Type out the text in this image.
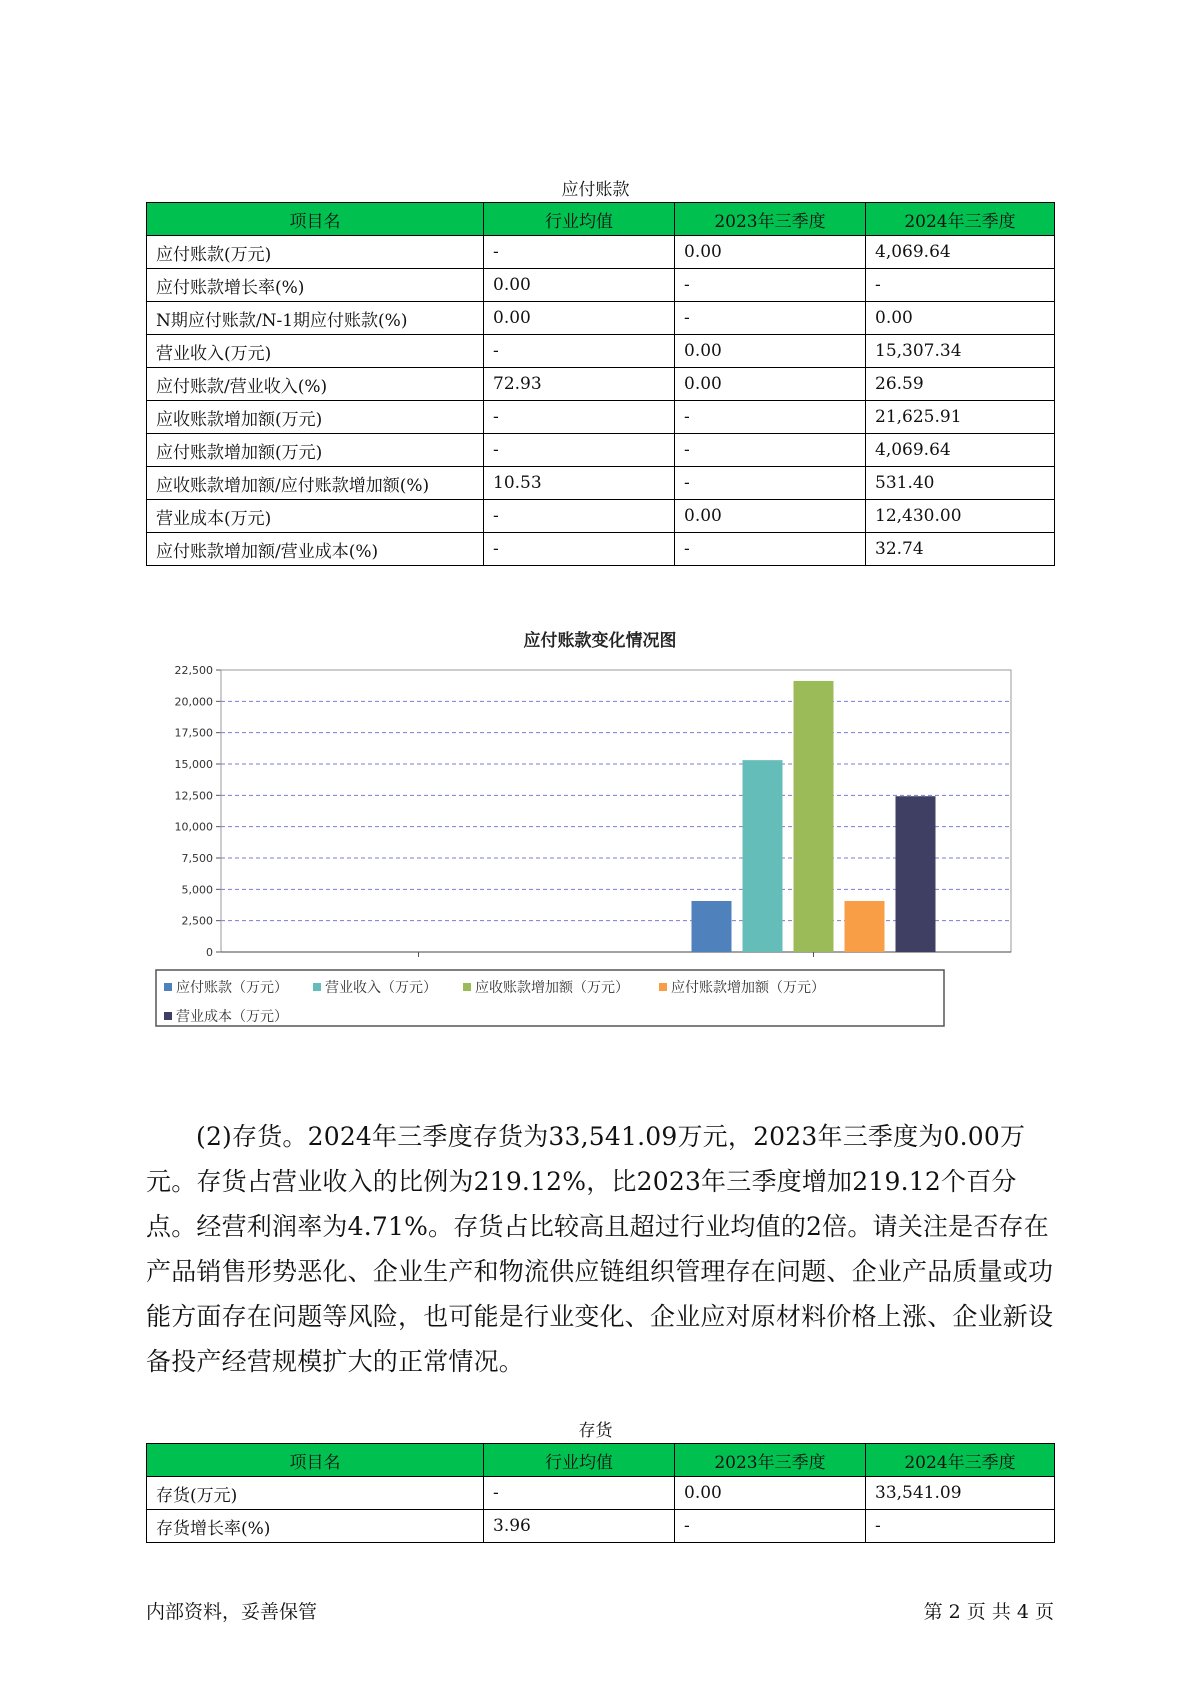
应付账款
项目名	行业均值	2023年三季度	2024年三季度
应付账款(万元)	-	0.00	4,069.64
应付账款增长率(%)	0.00	-	-
N期应付账款/N-1期应付账款(%)	0.00	-	0.00
营业收入(万元)	-	0.00	15,307.34
应付账款/营业收入(%)	72.93	0.00	26.59
应收账款增加额(万元)	-	-	21,625.91
应付账款增加额(万元)	-	-	4,069.64
应收账款增加额/应付账款增加额(%)	10.53	-	531.40
营业成本(万元)	-	0.00	12,430.00
应付账款增加额/营业成本(%)	-	-	32.74
应付账款变化情况图
0
2,500
5,000
7,500
10,000
12,500
15,000
17,500
20,000
22,500
应付账款（万元）	营业收入（万元）	应收账款增加额（万元）	应付账款增加额（万元）
营业成本（万元）

(2)存货。2024年三季度存货为33,541.09万元，2023年三季度为0.00万元。存货占营业收入的比例为219.12%，比2023年三季度增加219.12个百分点。经营利润率为4.71%。存货占比较高且超过行业均值的2倍。请关注是否存在产品销售形势恶化、企业生产和物流供应链组织管理存在问题、企业产品质量或功能方面存在问题等风险，也可能是行业变化、企业应对原材料价格上涨、企业新设备投产经营规模扩大的正常情况。

存货
项目名	行业均值	2023年三季度	2024年三季度
存货(万元)	-	0.00	33,541.09
存货增长率(%)	3.96	-	-
内部资料，妥善保管	第 2 页 共 4 页
